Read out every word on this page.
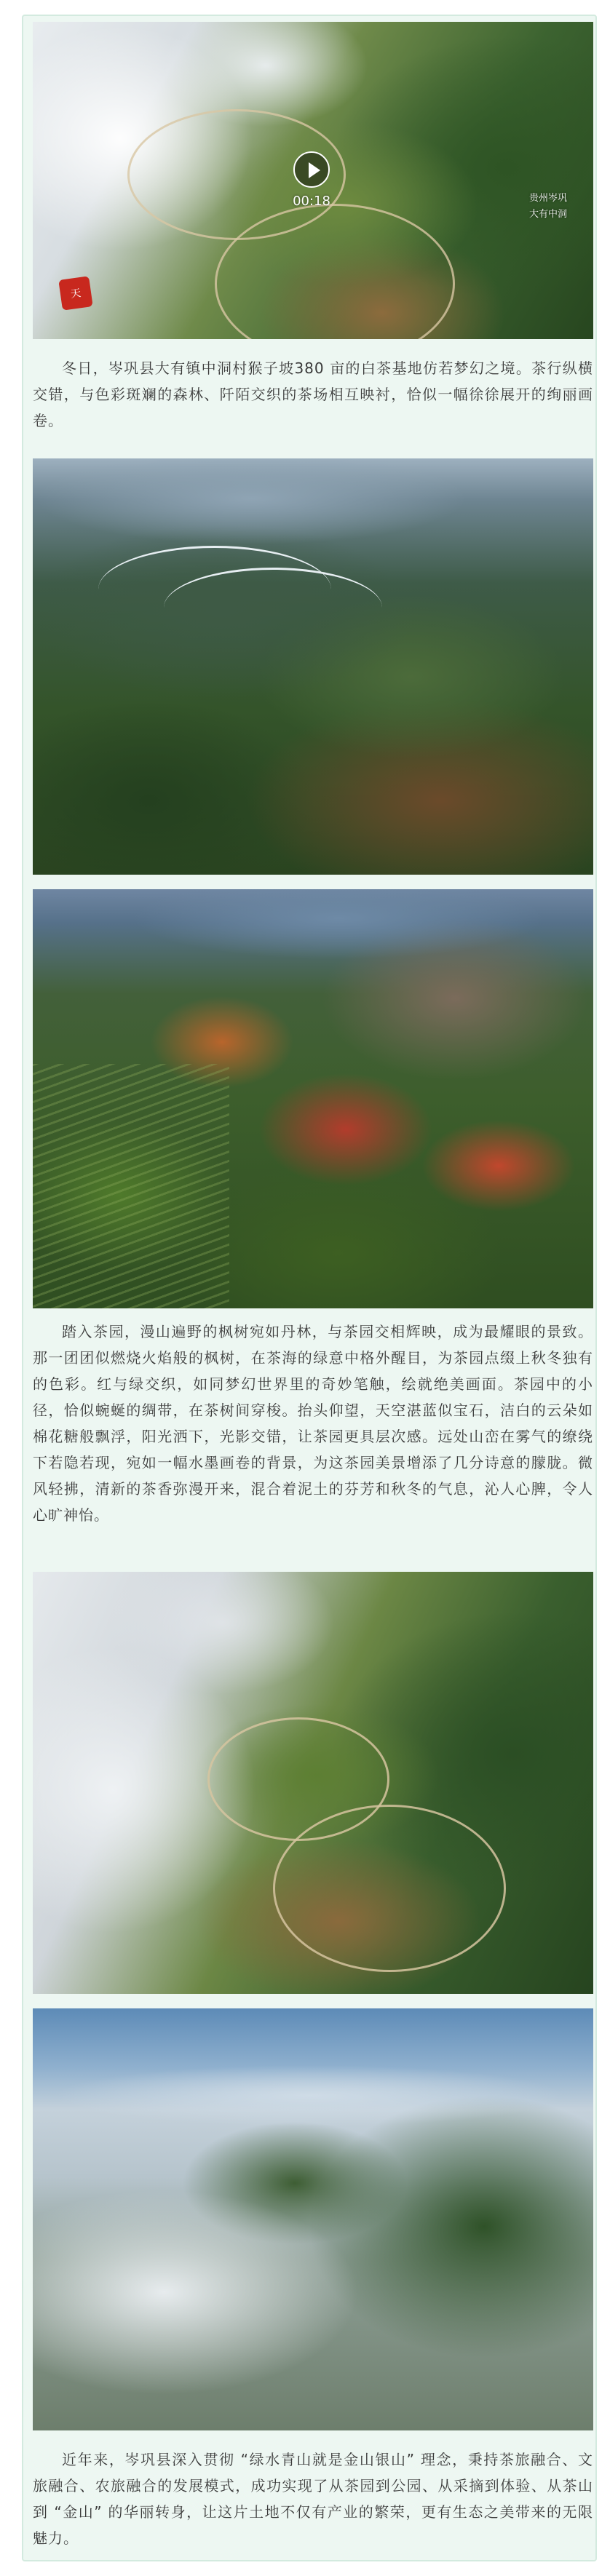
00:18
天
贵州岑巩
大有中洞

冬日，岑巩县大有镇中洞村猴子坡380 亩的白茶基地仿若梦幻之境。茶行纵横交错，与色彩斑斓的森林、阡陌交织的茶场相互映衬，恰似一幅徐徐展开的绚丽画卷。

踏入茶园，漫山遍野的枫树宛如丹林，与茶园交相辉映，成为最耀眼的景致。那一团团似燃烧火焰般的枫树，在茶海的绿意中格外醒目，为茶园点缀上秋冬独有的色彩。红与绿交织，如同梦幻世界里的奇妙笔触，绘就绝美画面。茶园中的小径，恰似蜿蜒的绸带，在茶树间穿梭。抬头仰望，天空湛蓝似宝石，洁白的云朵如棉花糖般飘浮，阳光洒下，光影交错，让茶园更具层次感。远处山峦在雾气的缭绕下若隐若现，宛如一幅水墨画卷的背景，为这茶园美景增添了几分诗意的朦胧。微风轻拂，清新的茶香弥漫开来，混合着泥土的芬芳和秋冬的气息，沁人心脾，令人心旷神怡。

近年来，岑巩县深入贯彻 “绿水青山就是金山银山” 理念，秉持茶旅融合、文旅融合、农旅融合的发展模式，成功实现了从茶园到公园、从采摘到体验、从茶山到 “金山” 的华丽转身，让这片土地不仅有产业的繁荣，更有生态之美带来的无限魅力。
